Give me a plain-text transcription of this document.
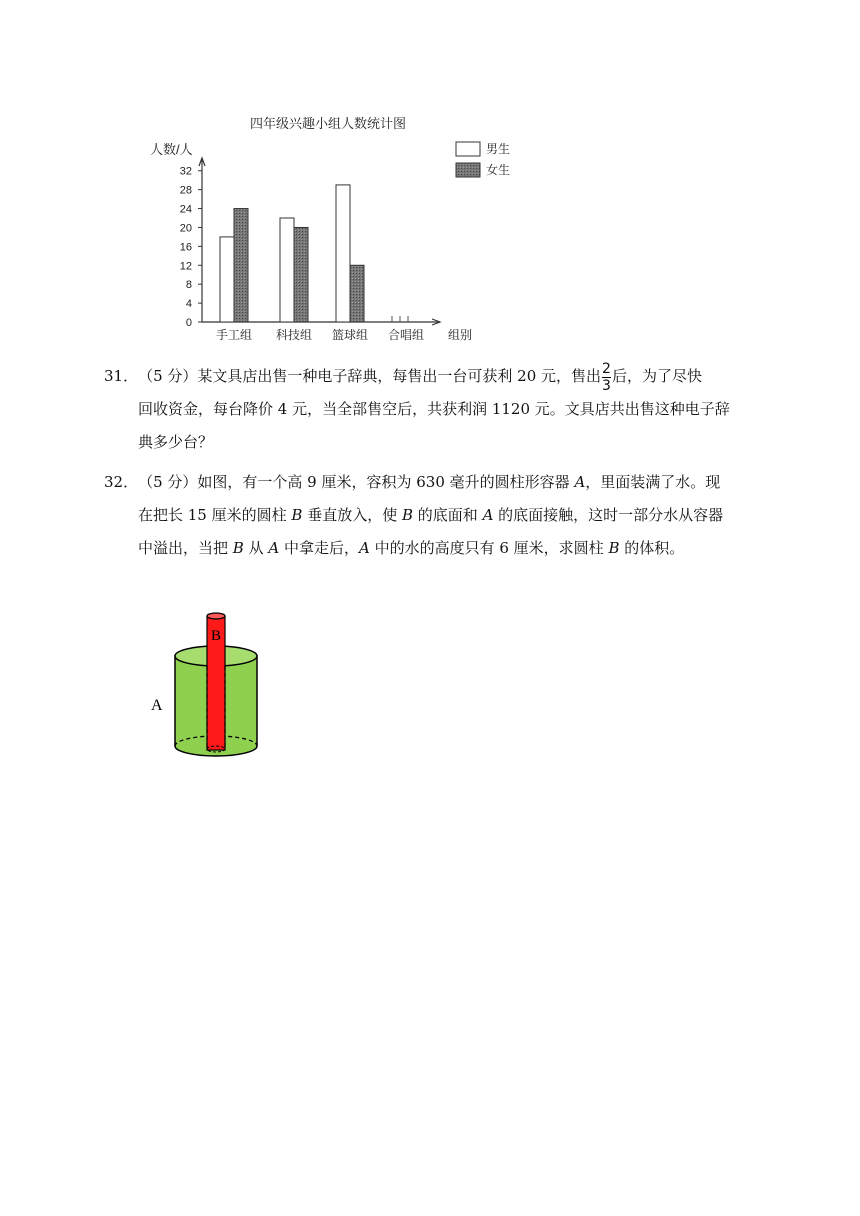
四年级兴趣小组人数统计图
人数/人
0
4
8
12
16
20
24
28
32
手工组 科技组 篮球组 合唱组 组别
男生
女生
31．（5 分）某文具店出售一种电子辞典，每售出一台可获利 20 元，售出 $\frac{2}{3}$ 后，为了尽快
回收资金，每台降价 4 元，当全部售空后，共获利润 1120 元。文具店共出售这种电子辞
典多少台？
32．（5 分）如图，有一个高 9 厘米，容积为 630 毫升的圆柱形容器 A，里面装满了水。现
在把长 15 厘米的圆柱 B 垂直放入，使 B 的底面和 A 的底面接触，这时一部分水从容器
中溢出，当把 B 从 A 中拿走后，A 中的水的高度只有 6 厘米，求圆柱 B 的体积。
B
A
